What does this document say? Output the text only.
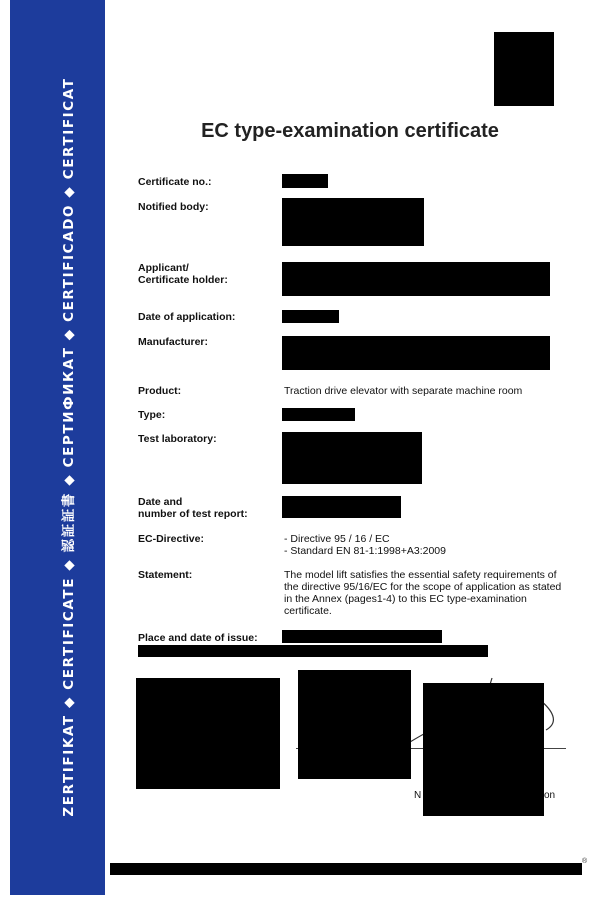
ZERTIFIKAT ◆ CERTIFICATE ◆ 認証証書 ◆ СЕРТИФИКАТ ◆ CERTIFICADO ◆ CERTIFICAT	EC type-examination certificate
Certificate no.:
Notified body:
Applicant/
Certificate holder:
Date of application:
Manufacturer:
Product:	Traction drive elevator with separate machine room
Type:
Test laboratory:
Date and
number of test report:
EC-Directive:	- Directive 95 / 16 / EC
- Standard EN 81-1:1998+A3:2009
Statement:	The model lift satisfies the essential safety requirements of the directive 95/16/EC for the scope of application as stated in the Annex (pages1-4) to this EC type-examination certificate.
Place and date of issue:
N	on
®
